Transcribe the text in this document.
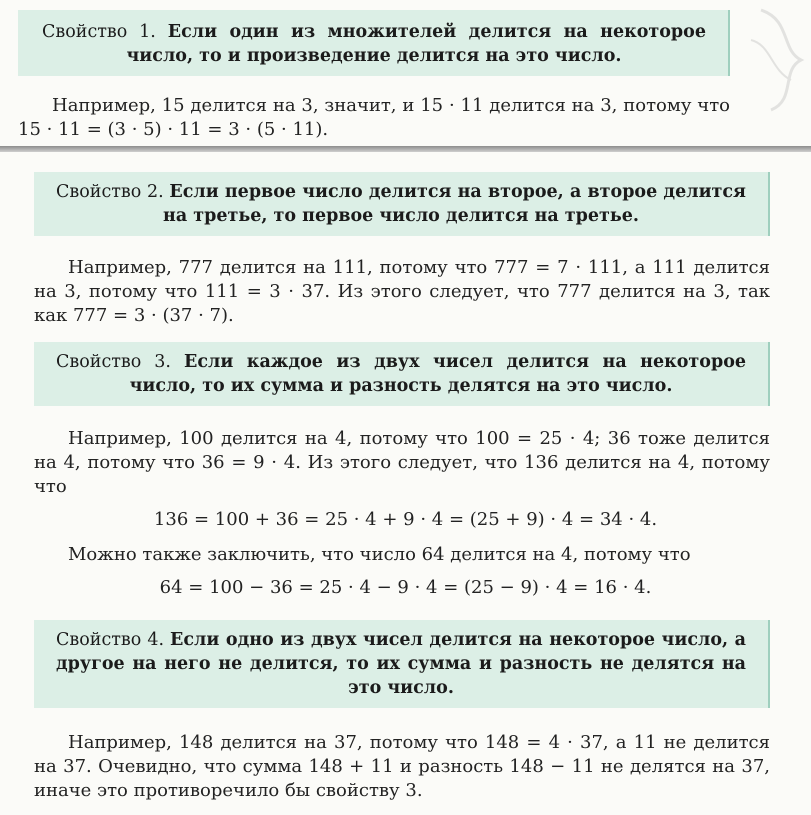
Свойство 1. Если один из множителей делится на некоторое число, то и произведение делится на это число.

Например, 15 делится на 3, значит, и 15 · 11 делится на 3, потому что 15 · 11 = (3 · 5) · 11 = 3 · (5 · 11).

Свойство 2. Если первое число делится на второе, а второе делится на третье, то первое число делится на третье.

Например, 777 делится на 111, потому что 777 = 7 · 111, а 111 делится на 3, потому что 111 = 3 · 37. Из этого следует, что 777 делится на 3, так как 777 = 3 · (37 · 7).

Свойство 3. Если каждое из двух чисел делится на некоторое число, то их сумма и разность делятся на это число.

Например, 100 делится на 4, потому что 100 = 25 · 4; 36 тоже делится на 4, потому что 36 = 9 · 4. Из этого следует, что 136 делится на 4, потому что
136 = 100 + 36 = 25 · 4 + 9 · 4 = (25 + 9) · 4 = 34 · 4.
Можно также заключить, что число 64 делится на 4, потому что
64 = 100 − 36 = 25 · 4 − 9 · 4 = (25 − 9) · 4 = 16 · 4.

Свойство 4. Если одно из двух чисел делится на некоторое число, а другое на него не делится, то их сумма и разность не делятся на это число.

Например, 148 делится на 37, потому что 148 = 4 · 37, а 11 не делится на 37. Очевидно, что сумма 148 + 11 и разность 148 − 11 не делятся на 37, иначе это противоречило бы свойству 3.
